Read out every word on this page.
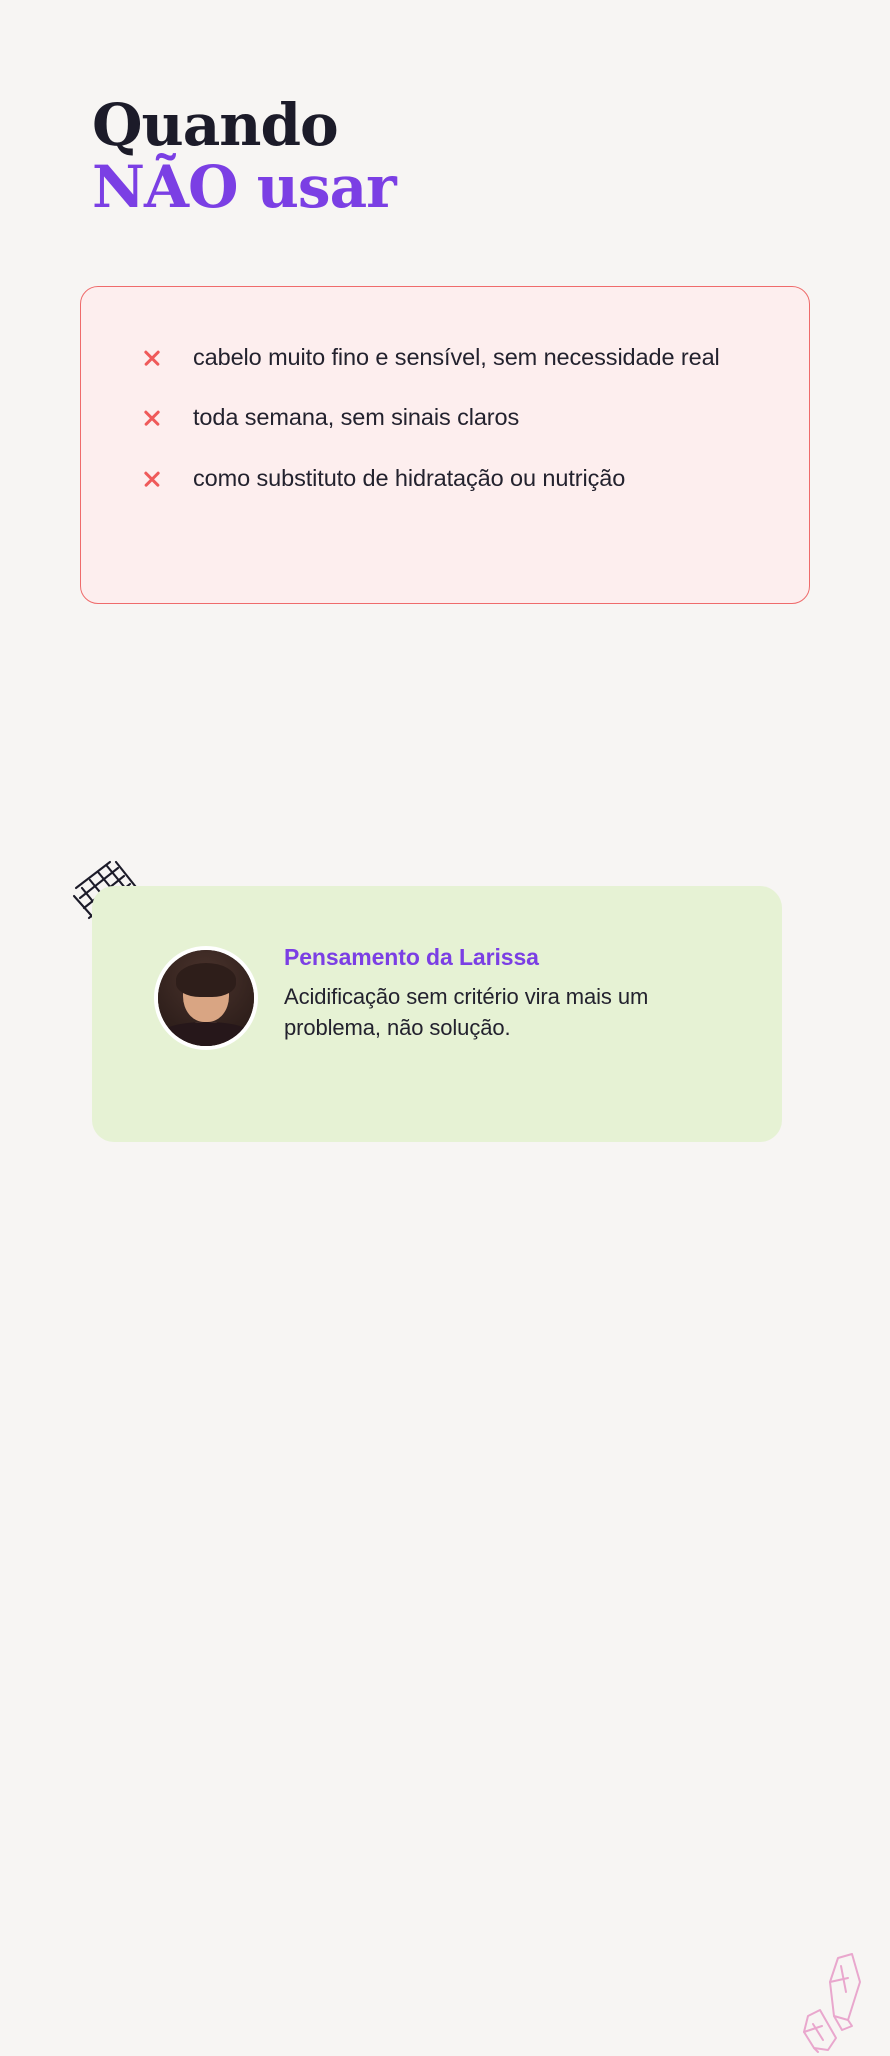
Quando
NÃO usar
cabelo muito fino e sensível, sem necessidade real
toda semana, sem sinais claros
como substituto de hidratação ou nutrição
Pensamento da Larissa
Acidificação sem critério vira mais um problema, não solução.
